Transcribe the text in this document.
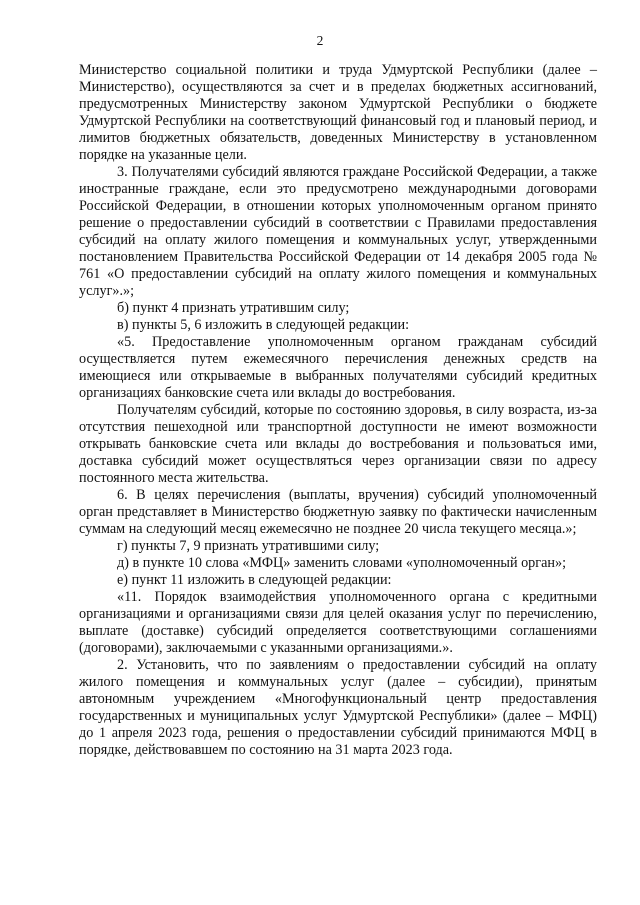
2

Министерство социальной политики и труда Удмуртской Республики (далее – Министерство), осуществляются за счет и в пределах бюджетных ассигнований, предусмотренных Министерству законом Удмуртской Республики о бюджете Удмуртской Республики на соответствующий финансовый год и плановый период, и лимитов бюджетных обязательств, доведенных Министерству в установленном порядке на указанные цели.

3. Получателями субсидий являются граждане Российской Федерации, а также иностранные граждане, если это предусмотрено международными договорами Российской Федерации, в отношении которых уполномоченным органом принято решение о предоставлении субсидий в соответствии с Правилами предоставления субсидий на оплату жилого помещения и коммунальных услуг, утвержденными постановлением Правительства Российской Федерации от 14 декабря 2005 года № 761 «О предоставлении субсидий на оплату жилого помещения и коммунальных услуг».»;

б) пункт 4 признать утратившим силу;

в) пункты 5, 6 изложить в следующей редакции:

«5. Предоставление уполномоченным органом гражданам субсидий осуществляется путем ежемесячного перечисления денежных средств на имеющиеся или открываемые в выбранных получателями субсидий кредитных организациях банковские счета или вклады до востребования.

Получателям субсидий, которые по состоянию здоровья, в силу возраста, из-за отсутствия пешеходной или транспортной доступности не имеют возможности открывать банковские счета или вклады до востребования и пользоваться ими, доставка субсидий может осуществляться через организации связи по адресу постоянного места жительства.

6. В целях перечисления (выплаты, вручения) субсидий уполномоченный орган представляет в Министерство бюджетную заявку по фактически начисленным суммам на следующий месяц ежемесячно не позднее 20 числа текущего месяца.»;

г) пункты 7, 9 признать утратившими силу;

д) в пункте 10 слова «МФЦ» заменить словами «уполномоченный орган»;

е) пункт 11 изложить в следующей редакции:

«11. Порядок взаимодействия уполномоченного органа с кредитными организациями и организациями связи для целей оказания услуг по перечислению, выплате (доставке) субсидий определяется соответствующими соглашениями (договорами), заключаемыми с указанными организациями.».

2. Установить, что по заявлениям о предоставлении субсидий на оплату жилого помещения и коммунальных услуг (далее – субсидии), принятым автономным учреждением «Многофункциональный центр предоставления государственных и муниципальных услуг Удмуртской Республики» (далее – МФЦ) до 1 апреля 2023 года, решения о предоставлении субсидий принимаются МФЦ в порядке, действовавшем по состоянию на 31 марта 2023 года.
